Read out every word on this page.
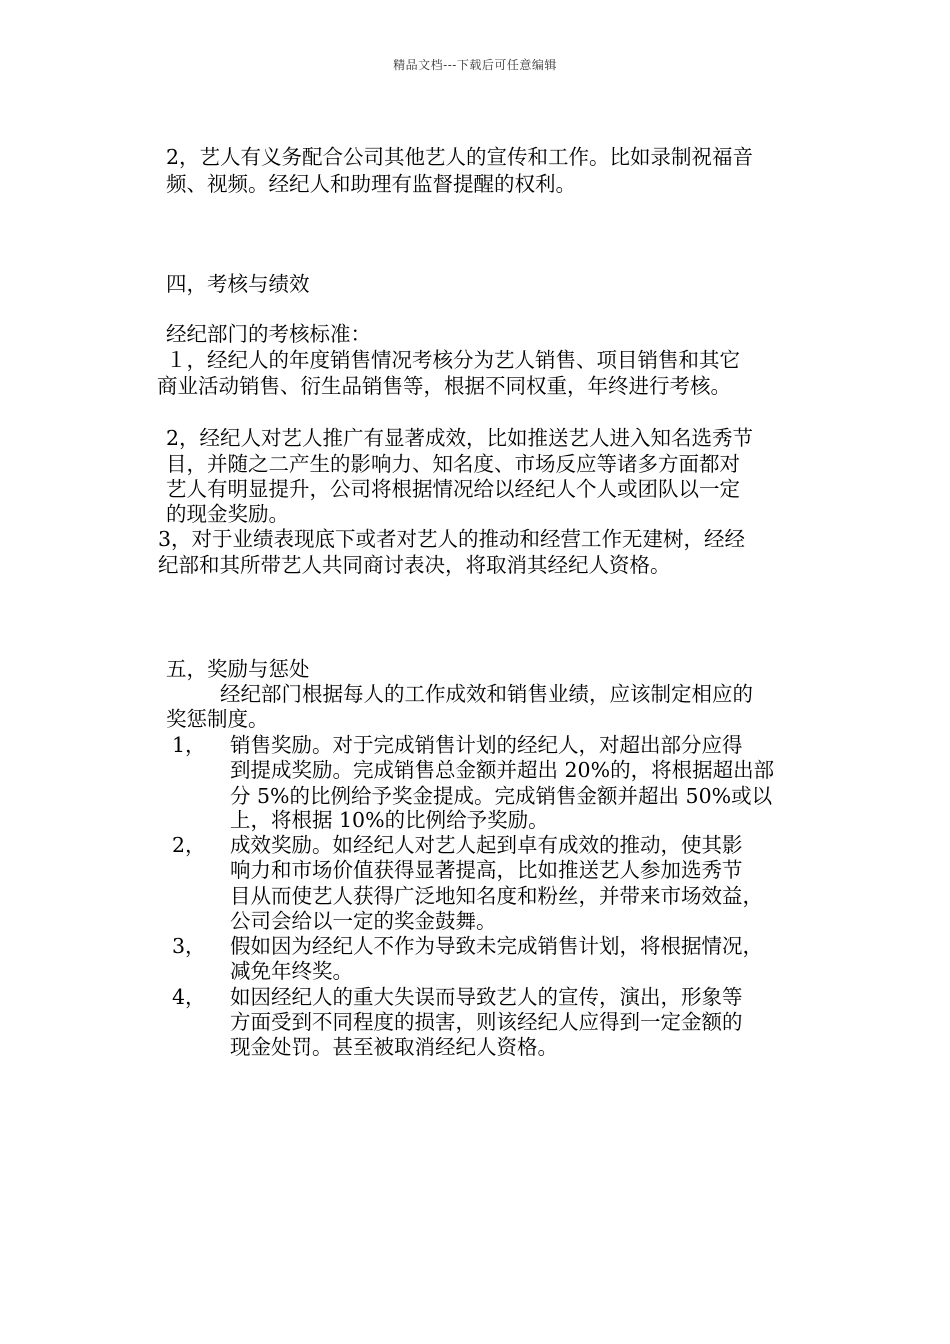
精品文档---下载后可任意编辑
2，艺人有义务配合公司其他艺人的宣传和工作。比如录制祝福音
频、视频。经纪人和助理有监督提醒的权利。
四，考核与绩效
经纪部门的考核标准：
１，经纪人的年度销售情况考核分为艺人销售、项目销售和其它
商业活动销售、衍生品销售等，根据不同权重，年终进行考核。
2，经纪人对艺人推广有显著成效，比如推送艺人进入知名选秀节
目，并随之二产生的影响力、知名度、市场反应等诸多方面都对
艺人有明显提升，公司将根据情况给以经纪人个人或团队以一定
的现金奖励。
3，对于业绩表现底下或者对艺人的推动和经营工作无建树，经经
纪部和其所带艺人共同商讨表决，将取消其经纪人资格。
五，奖励与惩处
经纪部门根据每人的工作成效和销售业绩，应该制定相应的
奖惩制度。
1， 销售奖励。对于完成销售计划的经纪人，对超出部分应得
到提成奖励。完成销售总金额并超出 20%的，将根据超出部
分 5%的比例给予奖金提成。完成销售金额并超出 50%或以
上，将根据 10%的比例给予奖励。
2， 成效奖励。如经纪人对艺人起到卓有成效的推动，使其影
响力和市场价值获得显著提高，比如推送艺人参加选秀节
目从而使艺人获得广泛地知名度和粉丝，并带来市场效益，
公司会给以一定的奖金鼓舞。
3， 假如因为经纪人不作为导致未完成销售计划，将根据情况，
减免年终奖。
4， 如因经纪人的重大失误而导致艺人的宣传，演出，形象等
方面受到不同程度的损害，则该经纪人应得到一定金额的
现金处罚。甚至被取消经纪人资格。
